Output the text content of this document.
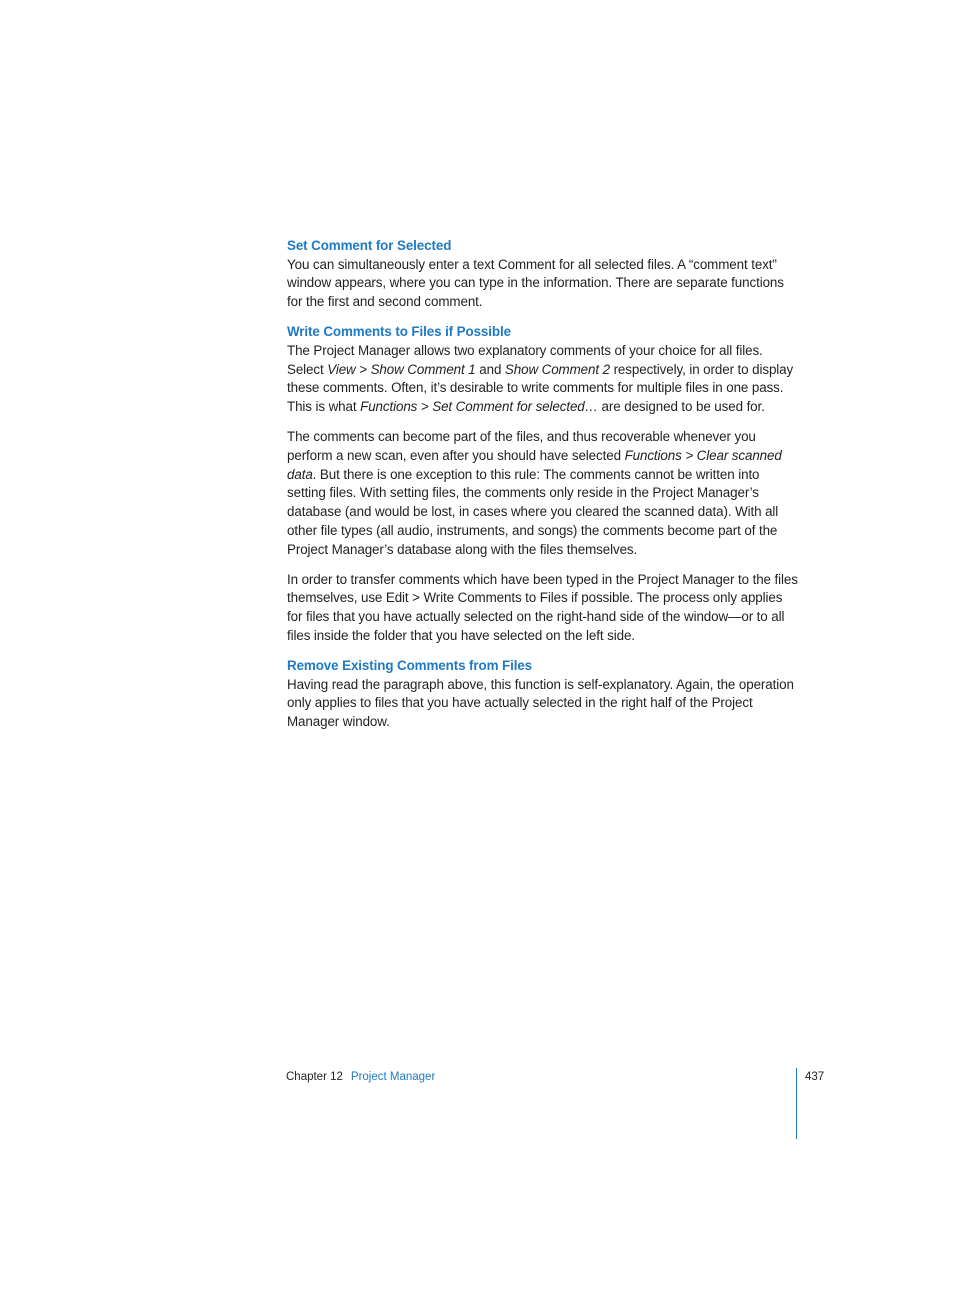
Set Comment for Selected

You can simultaneously enter a text Comment for all selected files. A “comment text” window appears, where you can type in the information. There are separate functions for the first and second comment.

Write Comments to Files if Possible

The Project Manager allows two explanatory comments of your choice for all files. Select View > Show Comment 1 and Show Comment 2 respectively, in order to display these comments. Often, it’s desirable to write comments for multiple files in one pass. This is what Functions > Set Comment for selected… are designed to be used for.

The comments can become part of the files, and thus recoverable whenever you perform a new scan, even after you should have selected Functions > Clear scanned data. But there is one exception to this rule: The comments cannot be written into setting files. With setting files, the comments only reside in the Project Manager’s database (and would be lost, in cases where you cleared the scanned data). With all other file types (all audio, instruments, and songs) the comments become part of the Project Manager’s database along with the files themselves.

In order to transfer comments which have been typed in the Project Manager to the files themselves, use Edit > Write Comments to Files if possible. The process only applies for files that you have actually selected on the right-hand side of the window—or to all files inside the folder that you have selected on the left side.

Remove Existing Comments from Files

Having read the paragraph above, this function is self-explanatory. Again, the operation only applies to files that you have actually selected in the right half of the Project Manager window.

Chapter 12 Project Manager	437
